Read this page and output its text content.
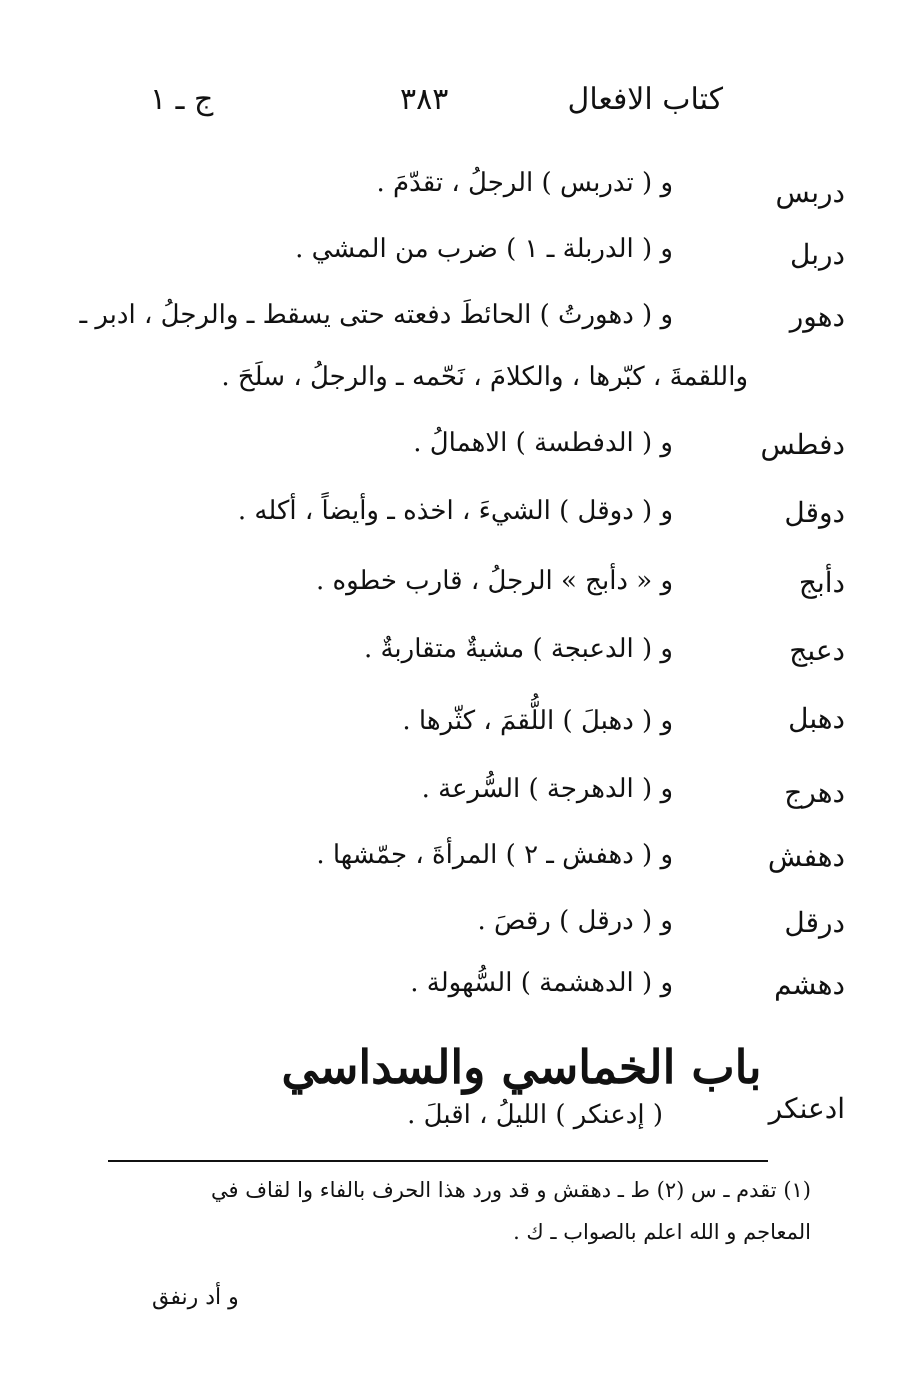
كتاب الافعال
٣٨٣
ج ـ ١
دربس
و ( تدربس ) الرجلُ ، تقدّمَ .
دربل
و ( الدربلة ـ ١ ) ضرب من المشي .
دهور
و ( دهورتُ ) الحائطَ دفعته حتى يسقط ـ والرجلُ ، ادبر ـ
واللقمةَ ، كبّرها ، والكلامَ ، نَحّمه ـ والرجلُ ، سلَحَ .
دفطس
و ( الدفطسة ) الاهمالُ .
دوقل
و ( دوقل ) الشيءَ ، اخذه ـ وأيضاً ، أكله .
دأبج
و « دأبج » الرجلُ ، قارب خطوه .
دعبج
و ( الدعبجة ) مشيةٌ متقاربةٌ .
دهبل
و ( دهبلَ ) اللُّقمَ ، كثّرها .
دهرج
و ( الدهرجة ) السُّرعة .
دهفش
و ( دهفش ـ ٢ ) المرأةَ ، جمّشها .
درقل
و ( درقل ) رقصَ .
دهشم
و ( الدهشمة ) السُّهولة .
باب الخماسي والسداسي
ادعنكر
( إدعنكر ) الليلُ ، اقبلَ .
(١) تقدم ـ س (٢) ط ـ دهقش و قد ورد هذا الحرف بالفاء وا لقاف في
المعاجم و الله اعلم بالصواب ـ ك .
و أد رنفق
